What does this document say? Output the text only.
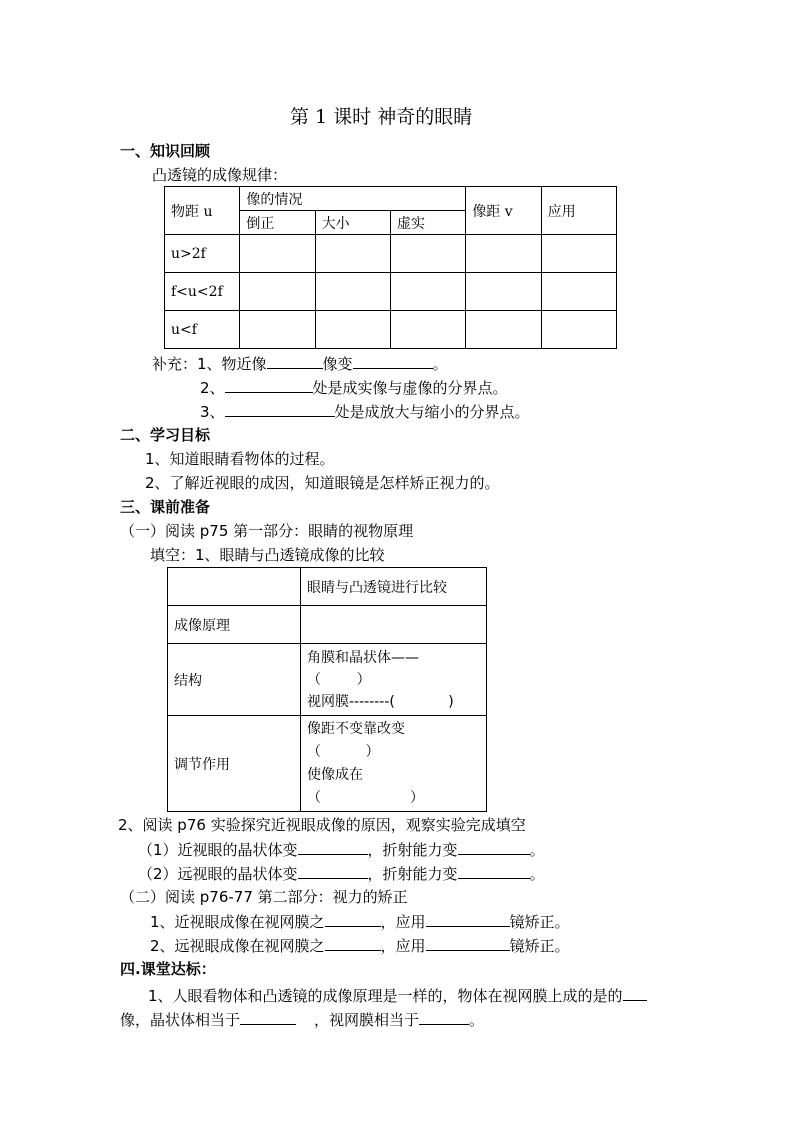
第 1 课时 神奇的眼睛
一、知识回顾
凸透镜的成像规律：
物距 u	像的情况			像距 v	应用
	倒正	大小	虚实		
u>2f					
f<u<2f					
u<f					
补充：1、物近像	像变	。
2、	处是成实像与虚像的分界点。
3、	处是成放大与缩小的分界点。
二、学习目标
1、知道眼睛看物体的过程。
2、了解近视眼的成因，知道眼镜是怎样矫正视力的。
三、课前准备
（一）阅读 p75 第一部分：眼睛的视物原理
填空：1、眼睛与凸透镜成像的比较
	眼睛与凸透镜进行比较
成像原理	
结构	角膜和晶状体——
（        ）
视网膜--------(            )

调节作用	像距不变靠改变
（          ）
使像成在
（                    ）
2、阅读 p76 实验探究近视眼成像的原因，观察实验完成填空
（1）近视眼的晶状体变	，折射能力变	。
（2）远视眼的晶状体变	，折射能力变	。
（二）阅读 p76-77 第二部分：视力的矫正
1、近视眼成像在视网膜之	，应用	镜矫正。
2、远视眼成像在视网膜之	，应用	镜矫正。
四.课堂达标：
1、人眼看物体和凸透镜的成像原理是一样的，物体在视网膜上成的是的
像，晶状体相当于	，视网膜相当于	。
